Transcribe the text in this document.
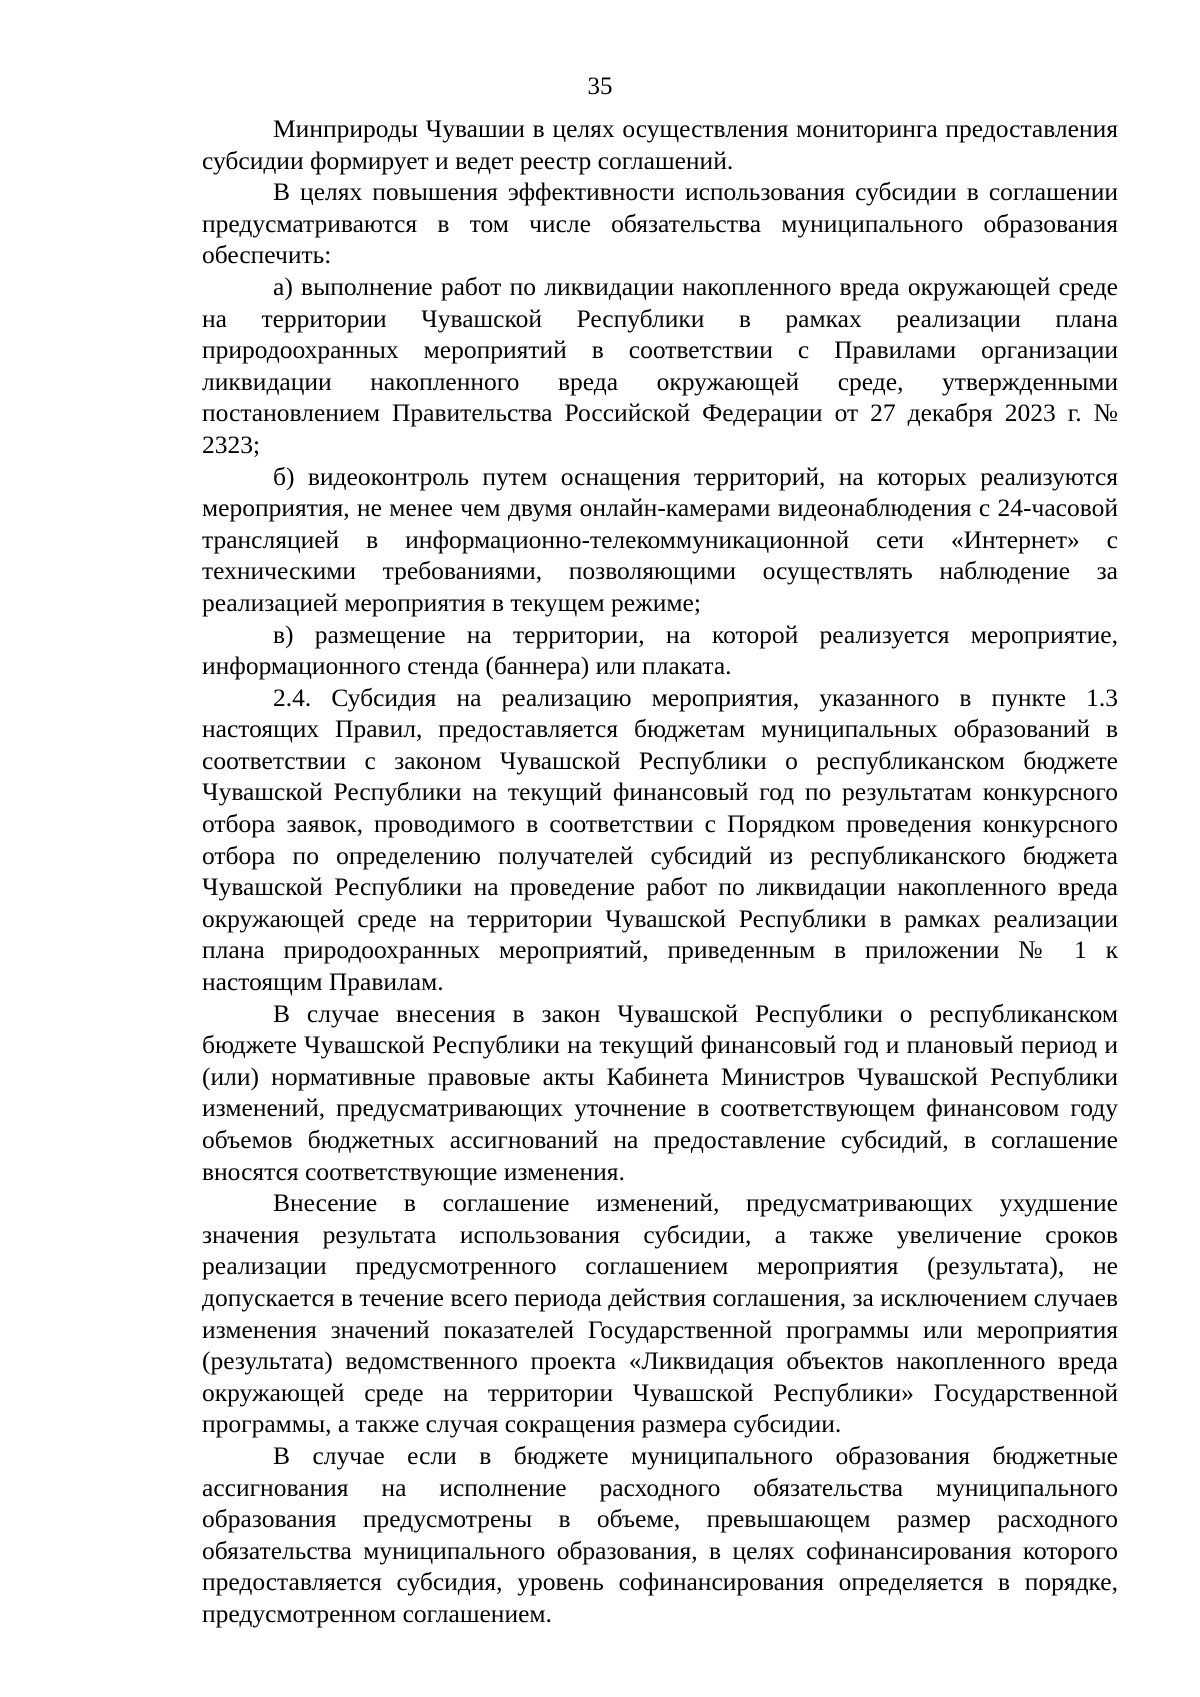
35

Минприроды Чувашии в целях осуществления мониторинга предоставления субсидии формирует и ведет реестр соглашений.

В целях повышения эффективности использования субсидии в соглашении предусматриваются в том числе обязательства муниципального образования обеспечить:

а) выполнение работ по ликвидации накопленного вреда окружающей среде на территории Чувашской Республики в рамках реализации плана природоохранных мероприятий в соответствии с Правилами организации ликвидации накопленного вреда окружающей среде, утвержденными постановлением Правительства Российской Федерации от 27 декабря 2023 г. № 2323;

б) видеоконтроль путем оснащения территорий, на которых реализуются мероприятия, не менее чем двумя онлайн-камерами видеонаблюдения с 24-часовой трансляцией в информационно-телекоммуникационной сети «Интернет» с техническими требованиями, позволяющими осуществлять наблюдение за реализацией мероприятия в текущем режиме;

в) размещение на территории, на которой реализуется мероприятие, информационного стенда (баннера) или плаката.

2.4. Субсидия на реализацию мероприятия, указанного в пункте 1.3 настоящих Правил, предоставляется бюджетам муниципальных образований в соответствии с законом Чувашской Республики о республиканском бюджете Чувашской Республики на текущий финансовый год по результатам конкурсного отбора заявок, проводимого в соответствии с Порядком проведения конкурсного отбора по определению получателей субсидий из республиканского бюджета Чувашской Республики на проведение работ по ликвидации накопленного вреда окружающей среде на территории Чувашской Республики в рамках реализации плана природоохранных мероприятий, приведенным в приложении № 1 к настоящим Правилам.

В случае внесения в закон Чувашской Республики о республиканском бюджете Чувашской Республики на текущий финансовый год и плановый период и (или) нормативные правовые акты Кабинета Министров Чувашской Республики изменений, предусматривающих уточнение в соответствующем финансовом году объемов бюджетных ассигнований на предоставление субсидий, в соглашение вносятся соответствующие изменения.

Внесение в соглашение изменений, предусматривающих ухудшение значения результата использования субсидии, а также увеличение сроков реализации предусмотренного соглашением мероприятия (результата), не допускается в течение всего периода действия соглашения, за исключением случаев изменения значений показателей Государственной программы или мероприятия (результата) ведомственного проекта «Ликвидация объектов накопленного вреда окружающей среде на территории Чувашской Республики» Государственной программы, а также случая сокращения размера субсидии.

В случае если в бюджете муниципального образования бюджетные ассигнования на исполнение расходного обязательства муниципального образования предусмотрены в объеме, превышающем размер расходного обязательства муниципального образования, в целях софинансирования которого предоставляется субсидия, уровень софинансирования определяется в порядке, предусмотренном соглашением.
